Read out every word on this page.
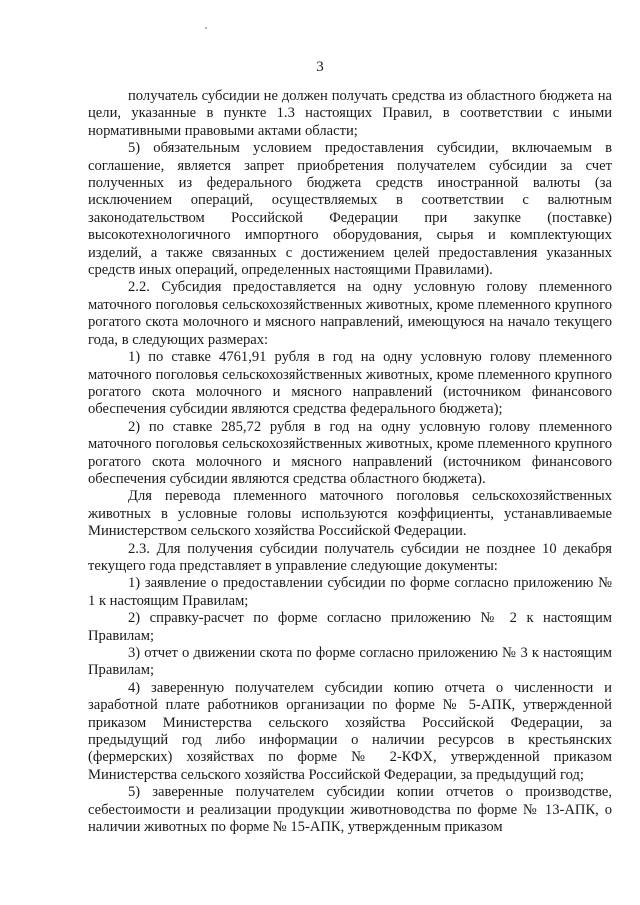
3

получатель субсидии не должен получать средства из областного бюджета на цели, указанные в пункте 1.3 настоящих Правил, в соответствии с иными нормативными правовыми актами области;

5) обязательным условием предоставления субсидии, включаемым в соглашение, является запрет приобретения получателем субсидии за счет полученных из федерального бюджета средств иностранной валюты (за исключением операций, осуществляемых в соответствии с валютным законодательством Российской Федерации при закупке (поставке) высокотехнологичного импортного оборудования, сырья и комплектующих изделий, а также связанных с достижением целей предоставления указанных средств иных операций, определенных настоящими Правилами).

2.2. Субсидия предоставляется на одну условную голову племенного маточного поголовья сельскохозяйственных животных, кроме племенного крупного рогатого скота молочного и мясного направлений, имеющуюся на начало текущего года, в следующих размерах:

1) по ставке 4761,91 рубля в год на одну условную голову племенного маточного поголовья сельскохозяйственных животных, кроме племенного крупного рогатого скота молочного и мясного направлений (источником финансового обеспечения субсидии являются средства федерального бюджета);

2) по ставке 285,72 рубля в год на одну условную голову племенного маточного поголовья сельскохозяйственных животных, кроме племенного крупного рогатого скота молочного и мясного направлений (источником финансового обеспечения субсидии являются средства областного бюджета).

Для перевода племенного маточного поголовья сельскохозяйственных животных в условные головы используются коэффициенты, устанавливаемые Министерством сельского хозяйства Российской Федерации.

2.3. Для получения субсидии получатель субсидии не позднее 10 декабря текущего года представляет в управление следующие документы:

1) заявление о предоставлении субсидии по форме согласно приложению № 1 к настоящим Правилам;

2) справку-расчет по форме согласно приложению № 2 к настоящим Правилам;

3) отчет о движении скота по форме согласно приложению № 3 к настоящим Правилам;

4) заверенную получателем субсидии копию отчета о численности и заработной плате работников организации по форме № 5-АПК, утвержденной приказом Министерства сельского хозяйства Российской Федерации, за предыдущий год либо информации о наличии ресурсов в крестьянских (фермерских) хозяйствах по форме № 2-КФХ, утвержденной приказом Министерства сельского хозяйства Российской Федерации, за предыдущий год;

5) заверенные получателем субсидии копии отчетов о производстве, себестоимости и реализации продукции животноводства по форме № 13-АПК, о наличии животных по форме № 15-АПК, утвержденным приказом
